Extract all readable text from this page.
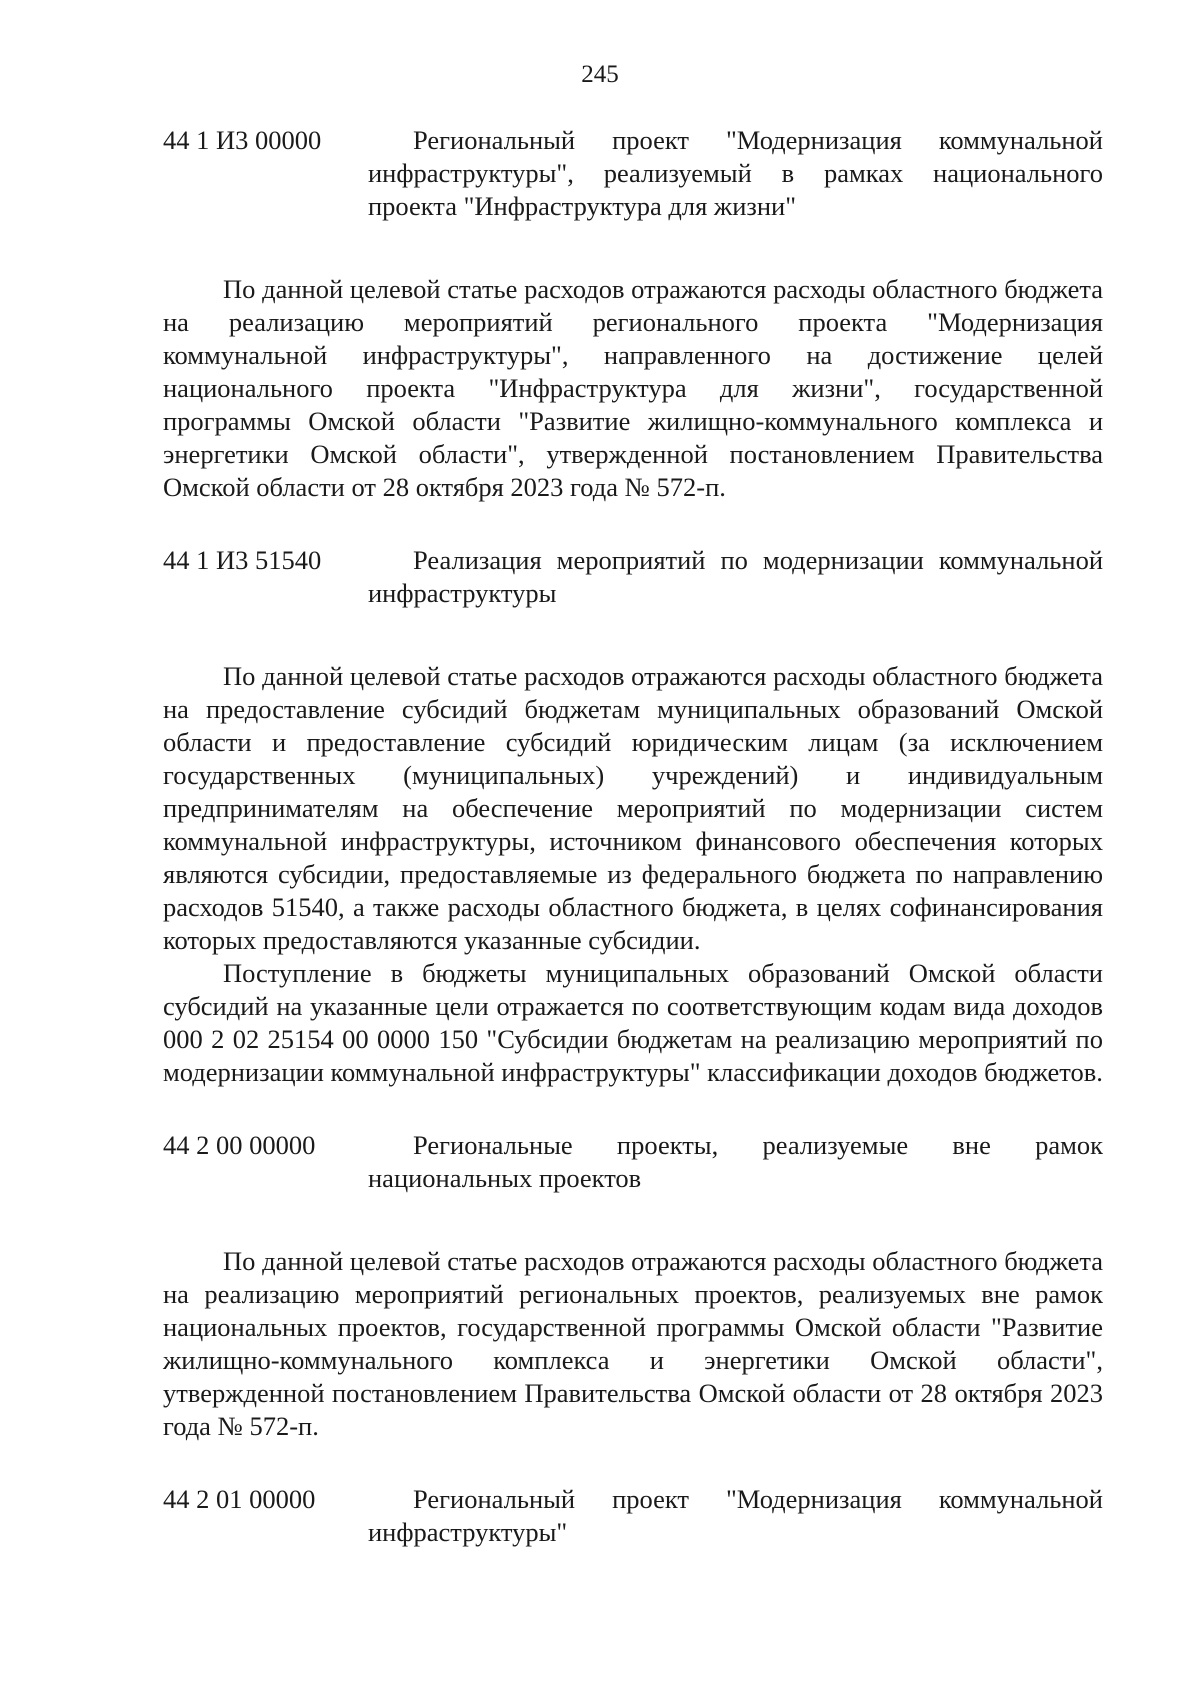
245
44 1 И3 00000	Региональный проект "Модернизация коммунальной инфраструктуры", реализуемый в рамках национального проекта "Инфраструктура для жизни"

По данной целевой статье расходов отражаются расходы областного бюджета на реализацию мероприятий регионального проекта "Модернизация коммунальной инфраструктуры", направленного на достижение целей национального проекта "Инфраструктура для жизни", государственной программы Омской области "Развитие жилищно-коммунального комплекса и энергетики Омской области", утвержденной постановлением Правительства Омской области от 28 октября 2023 года № 572-п.

44 1 И3 51540	Реализация мероприятий по модернизации коммунальной инфраструктуры

По данной целевой статье расходов отражаются расходы областного бюджета на предоставление субсидий бюджетам муниципальных образований Омской области и предоставление субсидий юридическим лицам (за исключением государственных (муниципальных) учреждений) и индивидуальным предпринимателям на обеспечение мероприятий по модернизации систем коммунальной инфраструктуры, источником финансового обеспечения которых являются субсидии, предоставляемые из федерального бюджета по направлению расходов 51540, а также расходы областного бюджета, в целях софинансирования которых предоставляются указанные субсидии.

Поступление в бюджеты муниципальных образований Омской области субсидий на указанные цели отражается по соответствующим кодам вида доходов 000 2 02 25154 00 0000 150 "Субсидии бюджетам на реализацию мероприятий по модернизации коммунальной инфраструктуры" классификации доходов бюджетов.

44 2 00 00000	Региональные проекты, реализуемые вне рамок национальных проектов

По данной целевой статье расходов отражаются расходы областного бюджета на реализацию мероприятий региональных проектов, реализуемых вне рамок национальных проектов, государственной программы Омской области "Развитие жилищно-коммунального комплекса и энергетики Омской области", утвержденной постановлением Правительства Омской области от 28 октября 2023 года № 572-п.

44 2 01 00000	Региональный проект "Модернизация коммунальной инфраструктуры"
